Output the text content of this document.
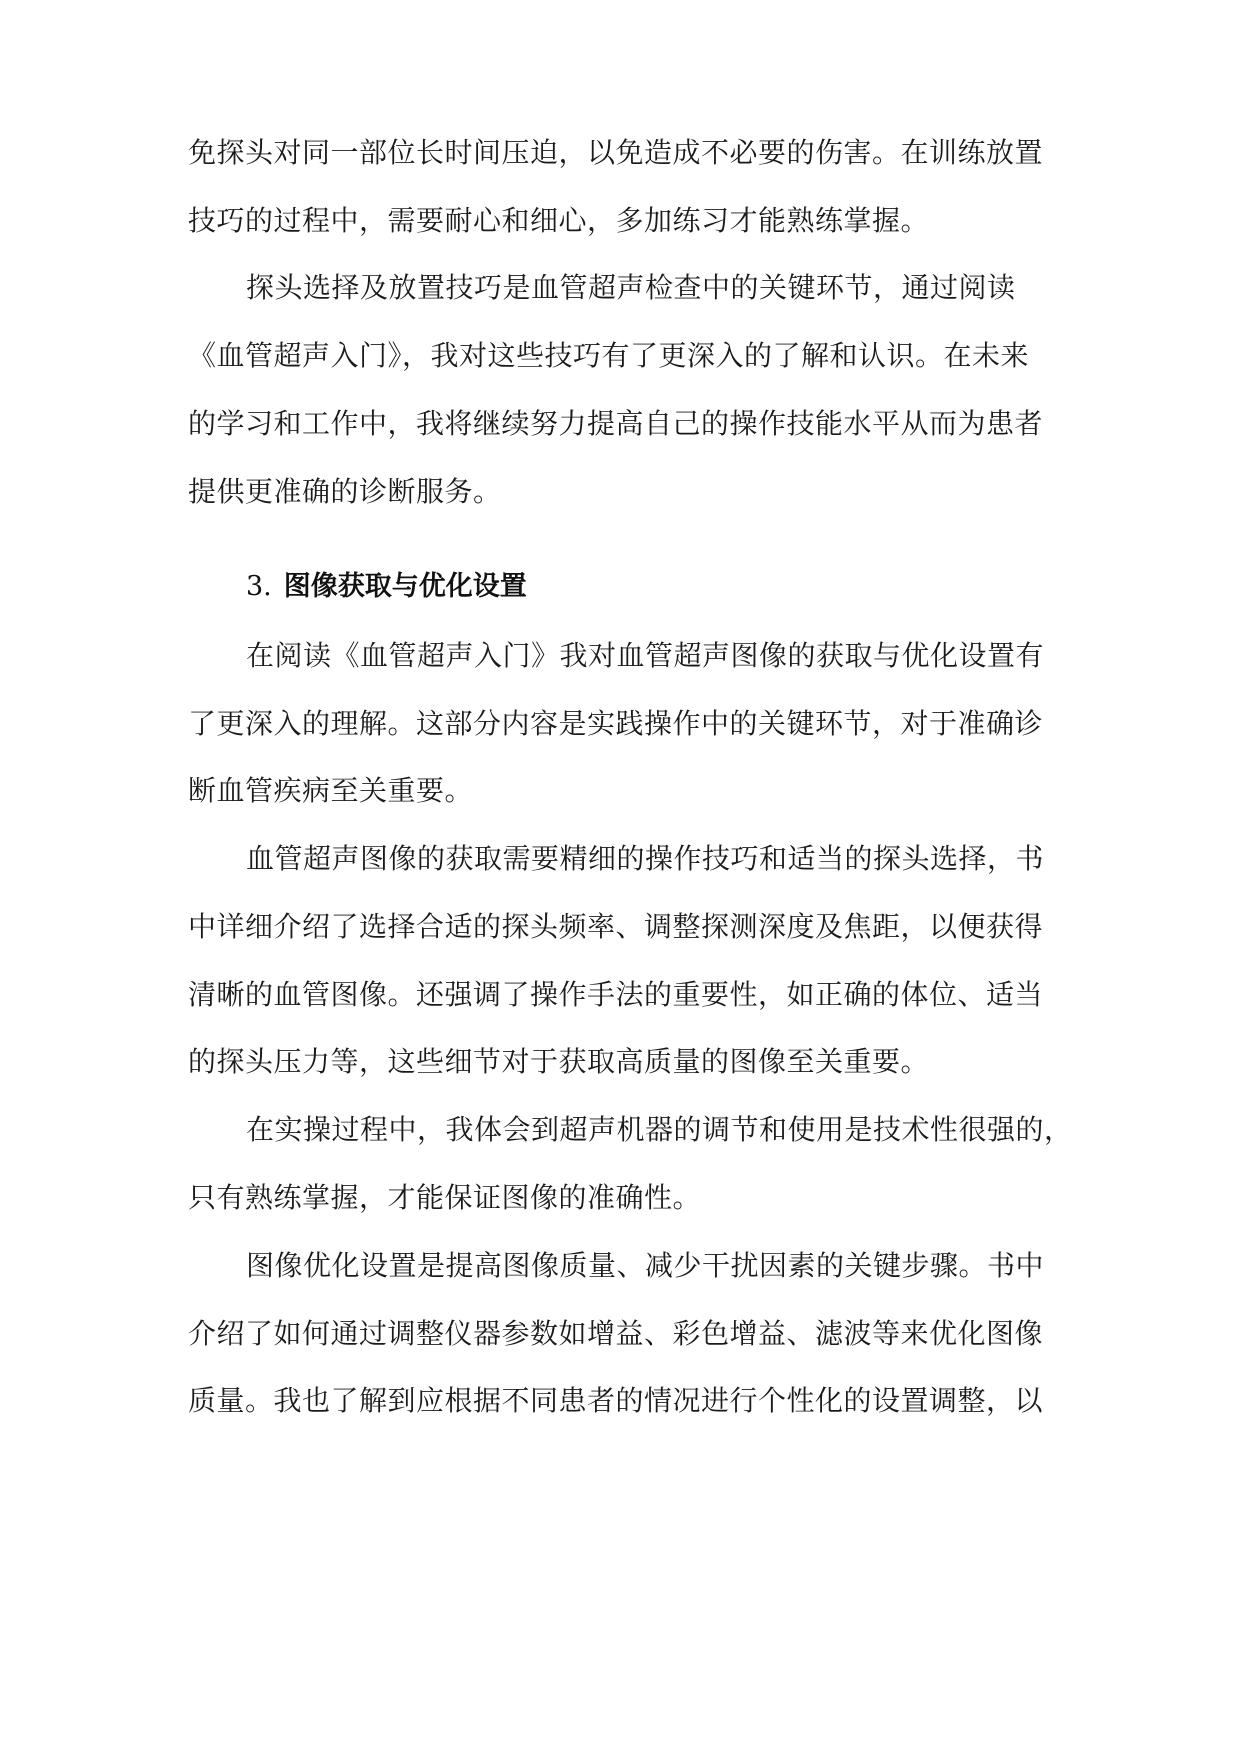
免探头对同一部位长时间压迫，以免造成不必要的伤害。在训练放置
技巧的过程中，需要耐心和细心，多加练习才能熟练掌握。
探头选择及放置技巧是血管超声检查中的关键环节，通过阅读
《血管超声入门》，我对这些技巧有了更深入的了解和认识。在未来
的学习和工作中，我将继续努力提高自己的操作技能水平从而为患者
提供更准确的诊断服务。
3. 图像获取与优化设置
在阅读《血管超声入门》我对血管超声图像的获取与优化设置有
了更深入的理解。这部分内容是实践操作中的关键环节，对于准确诊
断血管疾病至关重要。
血管超声图像的获取需要精细的操作技巧和适当的探头选择，书
中详细介绍了选择合适的探头频率、调整探测深度及焦距，以便获得
清晰的血管图像。还强调了操作手法的重要性，如正确的体位、适当
的探头压力等，这些细节对于获取高质量的图像至关重要。
在实操过程中，我体会到超声机器的调节和使用是技术性很强的，
只有熟练掌握，才能保证图像的准确性。
图像优化设置是提高图像质量、减少干扰因素的关键步骤。书中
介绍了如何通过调整仪器参数如增益、彩色增益、滤波等来优化图像
质量。我也了解到应根据不同患者的情况进行个性化的设置调整，以
